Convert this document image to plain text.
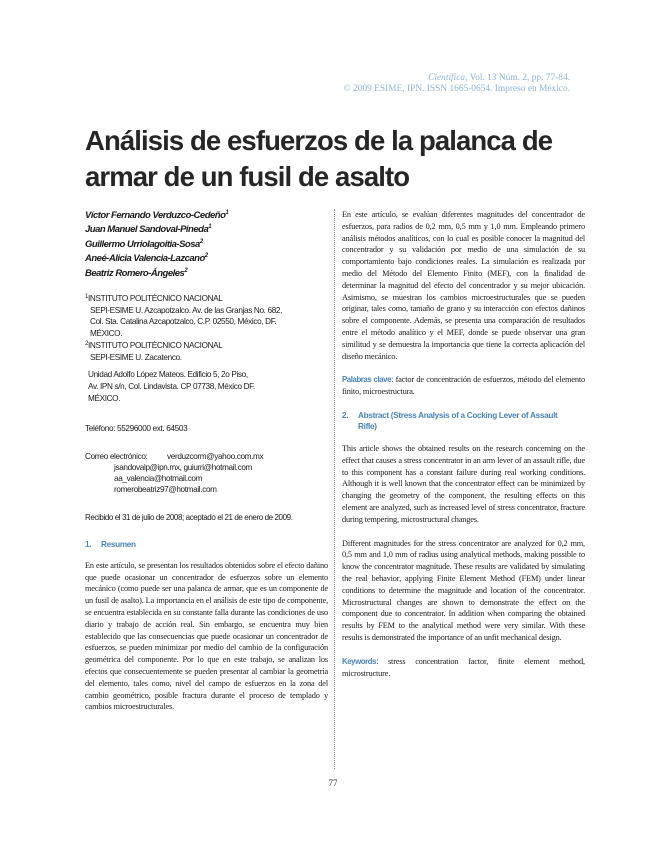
Científica, Vol. 13 Núm. 2, pp. 77-84.
© 2009 ESIME, IPN. ISSN 1665-0654. Impreso en México.
Análisis de esfuerzos de la palanca de
armar de un fusil de asalto
Víctor Fernando Verduzco-Cedeño$^1$
Juan Manuel Sandoval-Pineda$^1$
Guillermo Urriolagoitia-Sosa$^2$
Aneé-Alicia Valencia-Lazcano$^2$
Beatriz Romero-Ángeles$^2$
$^1$INSTITUTO POLITÉCNICO NACIONAL
SEPI-ESIME U. Azcapotzalco. Av. de las Granjas No. 682,
Col. Sta. Catalina Azcapotzalco, C.P. 02550, México, DF.
MÉXICO.
$^2$INSTITUTO POLITÉCNICO NACIONAL
SEPI-ESIME U. Zacatenco.
Unidad Adolfo López Mateos. Edificio 5, 2o Piso,
Av. IPN s/n, Col. Lindavista. CP 07738, México DF.
MÉXICO.
Teléfono: 55296000 ext. 64503
Correo electrónico: verduzcorm@yahoo.com.mx
jsandovalp@ipn.mx, guiurri@hotmail.com
aa_valencia@hotmail.com
romerobeatriz97@hotmail.com
Recibido el 31 de julio de 2008; aceptado el 21 de enero de 2009.
1. Resumen

En este artículo, se presentan los resultados obtenidos sobre el efecto dañino que puede ocasionar un concentrador de esfuerzos sobre un elemento mecánico (como puede ser una palanca de armar, que es un componente de un fusil de asalto). La importancia en el análisis de este tipo de componente, se encuentra establecida en su constante falla durante las condiciones de uso diario y trabajo de acción real. Sin embargo, se encuentra muy bien establecido que las consecuencias que puede ocasionar un concentrador de esfuerzos, se pueden minimizar por medio del cambio de la configuración geométrica del componente. Por lo que en este trabajo, se analizan los efectos que consecuentemente se pueden presentar al cambiar la geometría del elemento, tales como, nivel del campo de esfuerzos en la zona del cambio geométrico, posible fractura durante el proceso de templado y cambios microestructurales.

En este artículo, se evalúan diferentes magnitudes del concentrador de esfuerzos, para radios de 0,2 mm, 0,5 mm y 1,0 mm. Empleando primero análisis métodos analíticos, con lo cual es posible conocer la magnitud del concentrador y su validación por medio de una simulación de su comportamiento bajo condiciones reales. La simulación es realizada por medio del Método del Elemento Finito (MEF), con la finalidad de determinar la magnitud del efecto del concentrador y su mejor ubicación. Asimismo, se muestran los cambios microestructurales que se pueden originar, tales como, tamaño de grano y su interacción con efectos dañinos sobre el componente. Además, se presenta una comparación de resultados entre el método analítico y el MEF, donde se puede observar una gran similitud y se demuestra la importancia que tiene la correcta aplicación del diseño mecánico.

Palabras clave: factor de concentración de esfuerzos, método del elemento finito, microestructura.

2. Abstract (Stress Analysis of a Cocking Lever of Assault
Rifle)

This article shows the obtained results on the research concerning on the effect that causes a stress concentrator in an arm lever of an assault rifle, due to this component has a constant failure during real working conditions. Although it is well known that the concentrator effect can be minimized by changing the geometry of the component, the resulting effects on this element are analyzed, such as increased level of stress concentrator, fracture during tempering, microstructural changes.

Different magnitudes for the stress concentrator are analyzed for 0,2 mm, 0,5 mm and 1,0 mm of radius using analytical methods, making possible to know the concentrator magnitude. These results are validated by simulating the real behavior, applying Finite Element Method (FEM) under linear conditions to determine the magnitude and location of the concentrator. Microstructural changes are shown to demonstrate the effect on the component due to concentrator. In addition when comparing the obtained results by FEM to the analytical method were very similar. With these results is demonstrated the importance of an unfit mechanical design.

Keywords: stress concentration factor, finite element method, microstructure.

77
